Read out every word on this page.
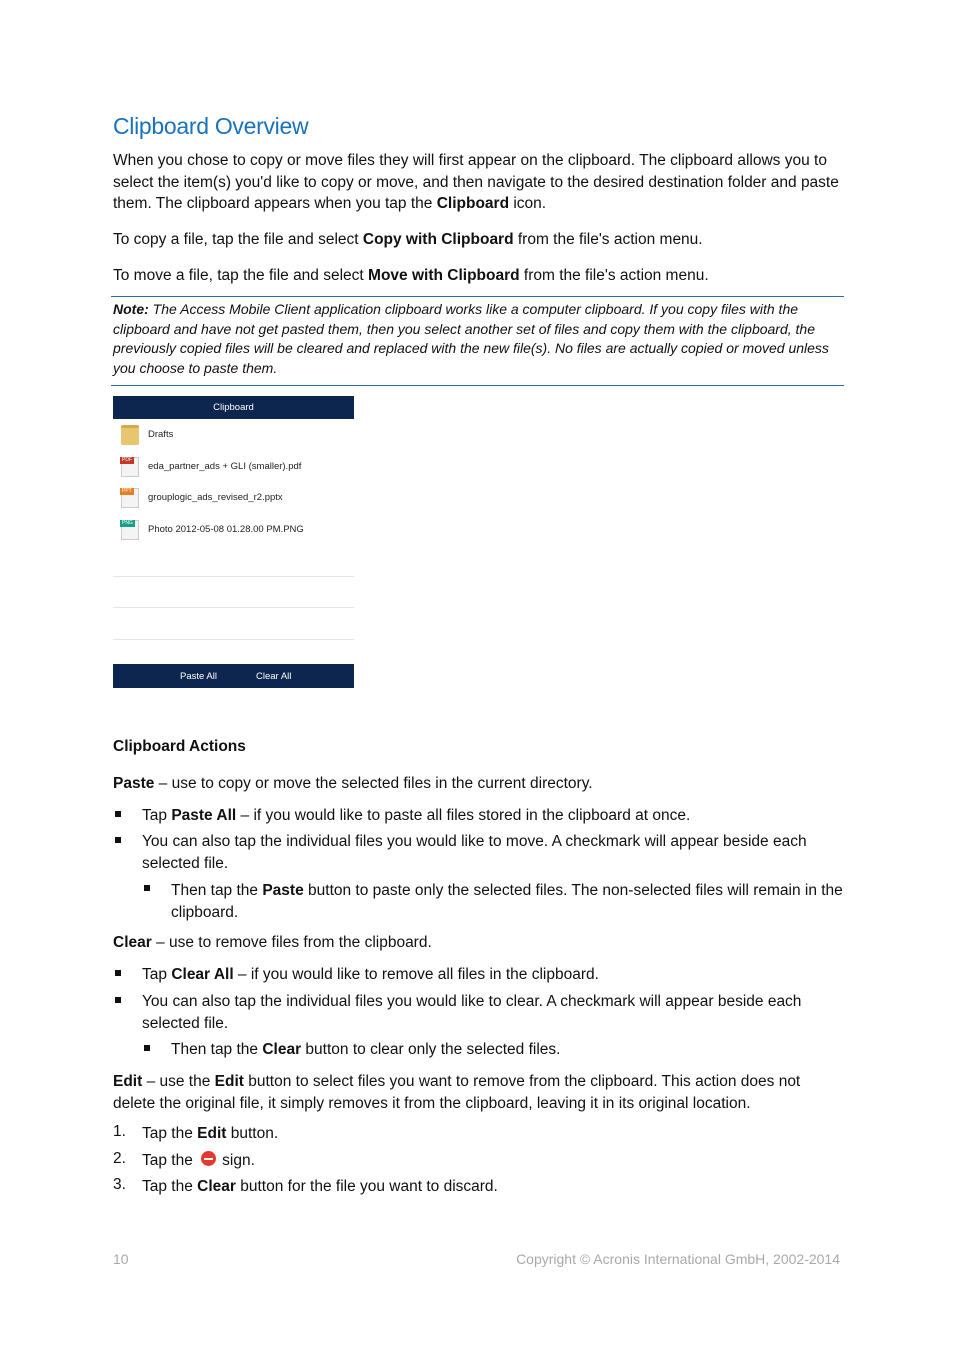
Clipboard Overview

When you chose to copy or move files they will first appear on the clipboard. The clipboard allows you to select the item(s) you'd like to copy or move, and then navigate to the desired destination folder and paste them. The clipboard appears when you tap the Clipboard icon.

To copy a file, tap the file and select Copy with Clipboard from the file's action menu.

To move a file, tap the file and select Move with Clipboard from the file's action menu.

Note: The Access Mobile Client application clipboard works like a computer clipboard. If you copy files with the clipboard and have not get pasted them, then you select another set of files and copy them with the clipboard, the previously copied files will be cleared and replaced with the new file(s). No files are actually copied or moved unless you choose to paste them.
Clipboard
Drafts
PDF
eda_partner_ads + GLI (smaller).pdf
PPT
grouplogic_ads_revised_r2.pptx
PNG
Photo 2012-05-08 01.28.00 PM.PNG
Paste All	Clear All
Clipboard Actions

Paste – use to copy or move the selected files in the current directory.

Tap Paste All – if you would like to paste all files stored in the clipboard at once.
You can also tap the individual files you would like to move. A checkmark will appear beside each selected file.
Then tap the Paste button to paste only the selected files. The non-selected files will remain in the clipboard.

Clear – use to remove files from the clipboard.

Tap Clear All – if you would like to remove all files in the clipboard.
You can also tap the individual files you would like to clear. A checkmark will appear beside each selected file.
Then tap the Clear button to clear only the selected files.

Edit – use the Edit button to select files you want to remove from the clipboard. This action does not delete the original file, it simply removes it from the clipboard, leaving it in its original location.

1. Tap the Edit button.
2. Tap the sign.
3. Tap the Clear button for the file you want to discard.
10	Copyright © Acronis International GmbH, 2002-2014
